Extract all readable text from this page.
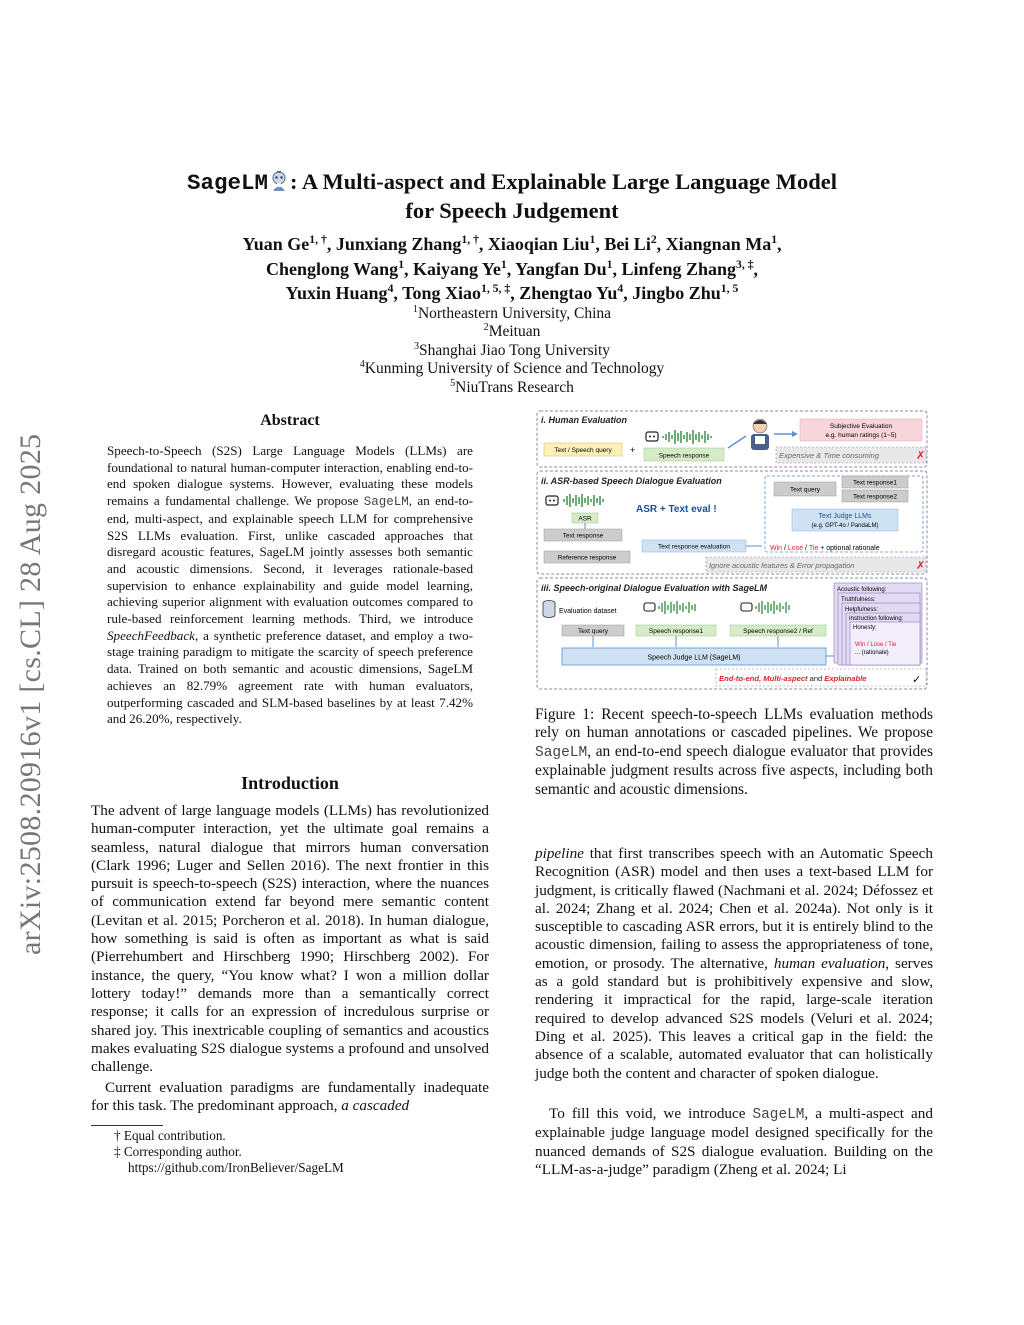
arXiv:2508.20916v1 [cs.CL] 28 Aug 2025
SageLM : A Multi-aspect and Explainable Large Language Model
for Speech Judgement
Yuan $Ge^{1, \dagger}$, Junxiang Zhang$^{1, \dagger}$, Xiaoqian Liu$^1$, Bei Li$^2$, Xiangnan Ma$^1$,
Chenglong Wang$^1$, Kaiyang Ye$^1$, Yangfan Du$^1$, Linfeng Zhang$^{3, \ddagger}$,
Yuxin Huang$^4$, Tong Xiao$^{1, 5, \ddagger}$, Zhengtao Yu$^4$, Jingbo Zhu$^{1, 5}$
$^1$Northeastern University, China
$^2$Meituan
$^3$Shanghai Jiao Tong University
$^4$Kunming University of Science and Technology
$^5$NiuTrans Research
Abstract
Speech-to-Speech (S2S) Large Language Models (LLMs) are foundational to natural human-computer interaction, enabling end-to-end spoken dialogue systems. However, evaluating these models remains a fundamental challenge. We propose SageLM, an end-to-end, multi-aspect, and explainable speech LLM for comprehensive S2S LLMs evaluation. First, unlike cascaded approaches that disregard acoustic features, SageLM jointly assesses both semantic and acoustic dimensions. Second, it leverages rationale-based supervision to enhance explainability and guide model learning, achieving superior alignment with evaluation outcomes compared to rule-based reinforcement learning methods. Third, we introduce SpeechFeedback, a synthetic preference dataset, and employ a two-stage training paradigm to mitigate the scarcity of speech preference data. Trained on both semantic and acoustic dimensions, SageLM achieves an 82.79% agreement rate with human evaluators, outperforming cascaded and SLM-based baselines by at least 7.42% and 26.20%, respectively.
Introduction

The advent of large language models (LLMs) has revolutionized human-computer interaction, yet the ultimate goal remains a seamless, natural dialogue that mirrors human conversation (Clark 1996; Luger and Sellen 2016). The next frontier in this pursuit is speech-to-speech (S2S) interaction, where the nuances of communication extend far beyond mere semantic content (Levitan et al. 2015; Porcheron et al. 2018). In human dialogue, how something is said is often as important as what is said (Pierrehumbert and Hirschberg 1990; Hirschberg 2002). For instance, the query, “You know what? I won a million dollar lottery today!” demands more than a semantically correct response; it calls for an expression of incredulous surprise or shared joy. This inextricable coupling of semantics and acoustics makes evaluating S2S dialogue systems a profound and unsolved challenge.

Current evaluation paradigms are fundamentally inadequate for this task. The predominant approach, a cascaded

† Equal contribution.
‡ Corresponding author.
https://github.com/IronBeliever/SageLM
i. Human Evaluation
Text / Speech query +
Speech response
Subjective Evaluation
e.g. human ratings (1~5)
Expensive & Time consuming	✗
ii. ASR-based Speech Dialogue Evaluation
ASR
Text response
Reference response
ASR + Text eval !
Text response evaluation
Text query
Text response1
Text response2
Text Judge LLMs
(e.g. GPT-4o / PandaLM)
Win / Lose / Tie + optional rationale
Ignore acoustic features & Error propagation	✗
iii. Speech-original Dialogue Evaluation with SageLM
Evaluation dataset
Text query	Speech response1	Speech response2 / Ref
Speech Judge LLM (SageLM)
Acoustic following:
Truthfulness:
Helpfulness:
Instruction following:
Honesty:
Win / Lose / Tie
... (rationale)
End-to-end, Multi-aspect and Explainable	✓
Figure 1: Recent speech-to-speech LLMs evaluation methods rely on human annotations or cascaded pipelines. We propose SageLM, an end-to-end speech dialogue evaluator that provides explainable judgment results across five aspects, including both semantic and acoustic dimensions.

pipeline that first transcribes speech with an Automatic Speech Recognition (ASR) model and then uses a text-based LLM for judgment, is critically flawed (Nachmani et al. 2024; Défossez et al. 2024; Zhang et al. 2024; Chen et al. 2024a). Not only is it susceptible to cascading ASR errors, but it is entirely blind to the acoustic dimension, failing to assess the appropriateness of tone, emotion, or prosody. The alternative, human evaluation, serves as a gold standard but is prohibitively expensive and slow, rendering it impractical for the rapid, large-scale iteration required to develop advanced S2S models (Veluri et al. 2024; Ding et al. 2025). This leaves a critical gap in the field: the absence of a scalable, automated evaluator that can holistically judge both the content and character of spoken dialogue.

To fill this void, we introduce SageLM, a multi-aspect and explainable judge language model designed specifically for the nuanced demands of S2S dialogue evaluation. Building on the “LLM-as-a-judge” paradigm (Zheng et al. 2024; Li
